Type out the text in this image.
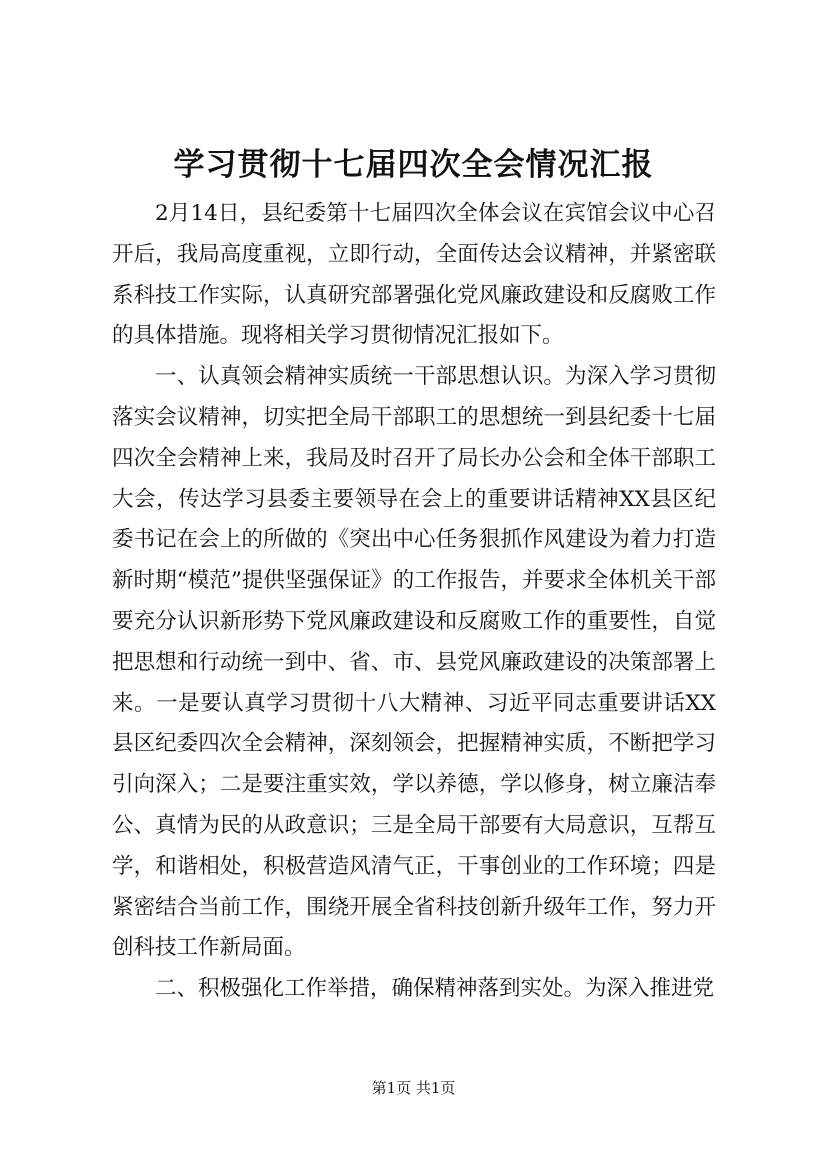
学习贯彻十七届四次全会情况汇报

2月14日，县纪委第十七届四次全体会议在宾馆会议中心召开后，我局高度重视，立即行动，全面传达会议精神，并紧密联系科技工作实际，认真研究部署强化党风廉政建设和反腐败工作的具体措施。现将相关学习贯彻情况汇报如下。

一、认真领会精神实质统一干部思想认识。为深入学习贯彻落实会议精神，切实把全局干部职工的思想统一到县纪委十七届四次全会精神上来，我局及时召开了局长办公会和全体干部职工大会，传达学习县委主要领导在会上的重要讲话精神XX县区纪委书记在会上的所做的《突出中心任务狠抓作风建设为着力打造新时期“模范”提供坚强保证》的工作报告，并要求全体机关干部要充分认识新形势下党风廉政建设和反腐败工作的重要性，自觉把思想和行动统一到中、省、市、县党风廉政建设的决策部署上来。一是要认真学习贯彻十八大精神、习近平同志重要讲话XX县区纪委四次全会精神，深刻领会，把握精神实质，不断把学习引向深入；二是要注重实效，学以养德，学以修身，树立廉洁奉公、真情为民的从政意识；三是全局干部要有大局意识，互帮互学，和谐相处，积极营造风清气正，干事创业的工作环境；四是紧密结合当前工作，围绕开展全省科技创新升级年工作，努力开创科技工作新局面。

二、积极强化工作举措，确保精神落到实处。为深入推进党

第1页 共1页
